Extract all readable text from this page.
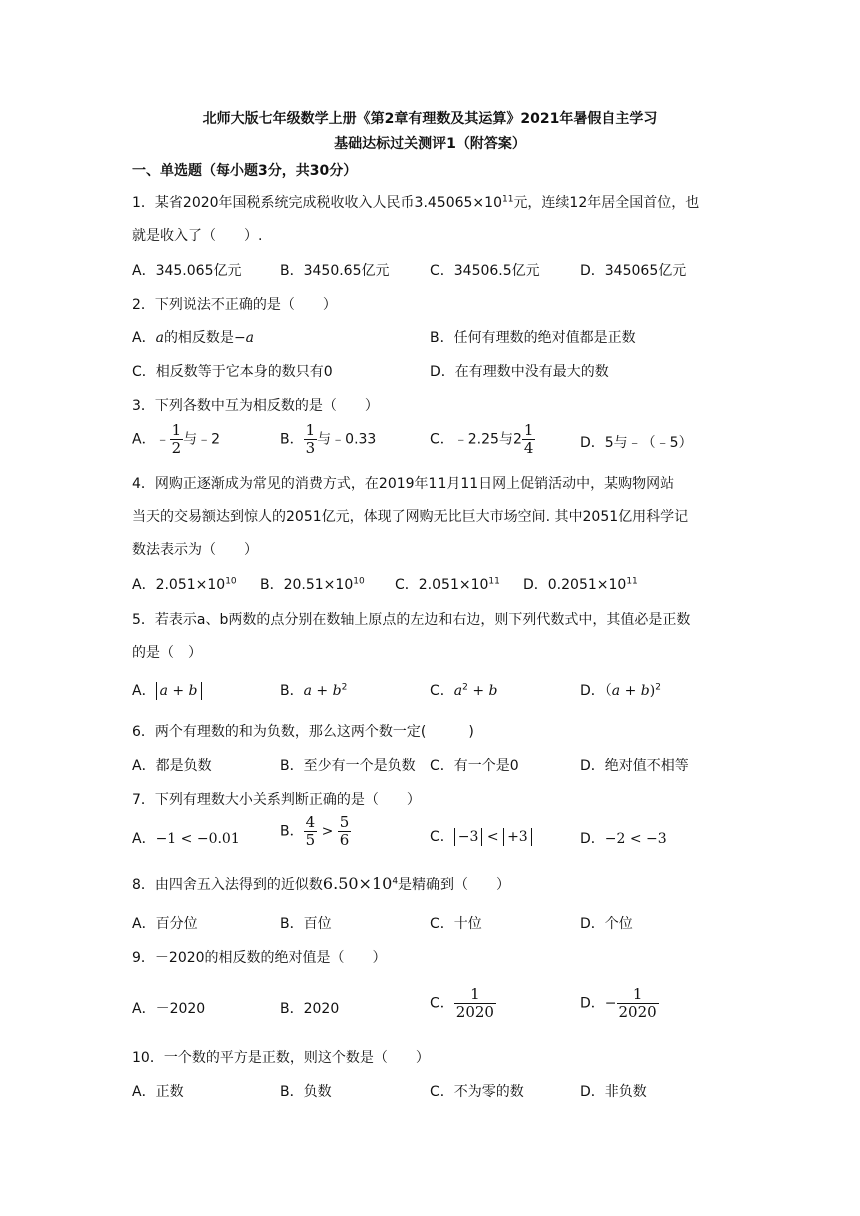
北师大版七年级数学上册《第2章有理数及其运算》2021年暑假自主学习
基础达标过关测评1（附答案）
一、单选题（每小题3分，共30分）
1．某省2020年国税系统完成税收收入人民币$3.45065\times 10^{11}$元，连续12年居全国首位，也
就是收入了（　　）.
A．345.065亿元	B．3450.65亿元	C．34506.5亿元	D．345065亿元
2．下列说法不正确的是（　　）
A．a的相反数是−a	B．任何有理数的绝对值都是正数
C．相反数等于它本身的数只有0	D．在有理数中没有最大的数
3．下列各数中互为相反数的是（　　）
A．﹣ $\frac{1}{2}$ 与﹣2	B． $\frac{1}{3}$ 与﹣0.33	C．﹣2.25与$2 \frac{1}{4}$	D．5与﹣（﹣5）
4．网购正逐渐成为常见的消费方式，在2019年11月11日网上促销活动中，某购物网站
当天的交易额达到惊人的2051亿元，体现了网购无比巨大市场空间. 其中2051亿用科学记
数法表示为（　　）
A．$2.051\times 10^{10}$ B．$20.51\times 10^{10}$ C．$2.051\times 10^{11}$ D．$0.2051\times 10^{11}$
5．若表示a、b两数的点分别在数轴上原点的左边和右边，则下列代数式中，其值必是正数
的是（　）
A． a + b	B．$a + b^2$	C．$a^2 + b$	D．（a + b)$^2$
6．两个有理数的和为负数，那么这两个数一定(　　　)
A．都是负数	B．至少有一个是负数 C．有一个是0	D．绝对值不相等
7．下列有理数大小关系判断正确的是（　　）
A．−1 < −0.01	B． $\frac{4}{5} > \frac{5}{6}$	C． −3 < +3	D．−2 < −3
8．由四舍五入法得到的近似数$6.50\times 10^4$是精确到（　　）
A．百分位	B．百位	C．十位	D．个位
9．－2020的相反数的绝对值是（　　）
A．－2020	B．2020	C． $\frac{1}{2020}$	D．− $\frac{1}{2020}$
10．一个数的平方是正数，则这个数是（　　）
A．正数	B．负数	C．不为零的数	D．非负数
